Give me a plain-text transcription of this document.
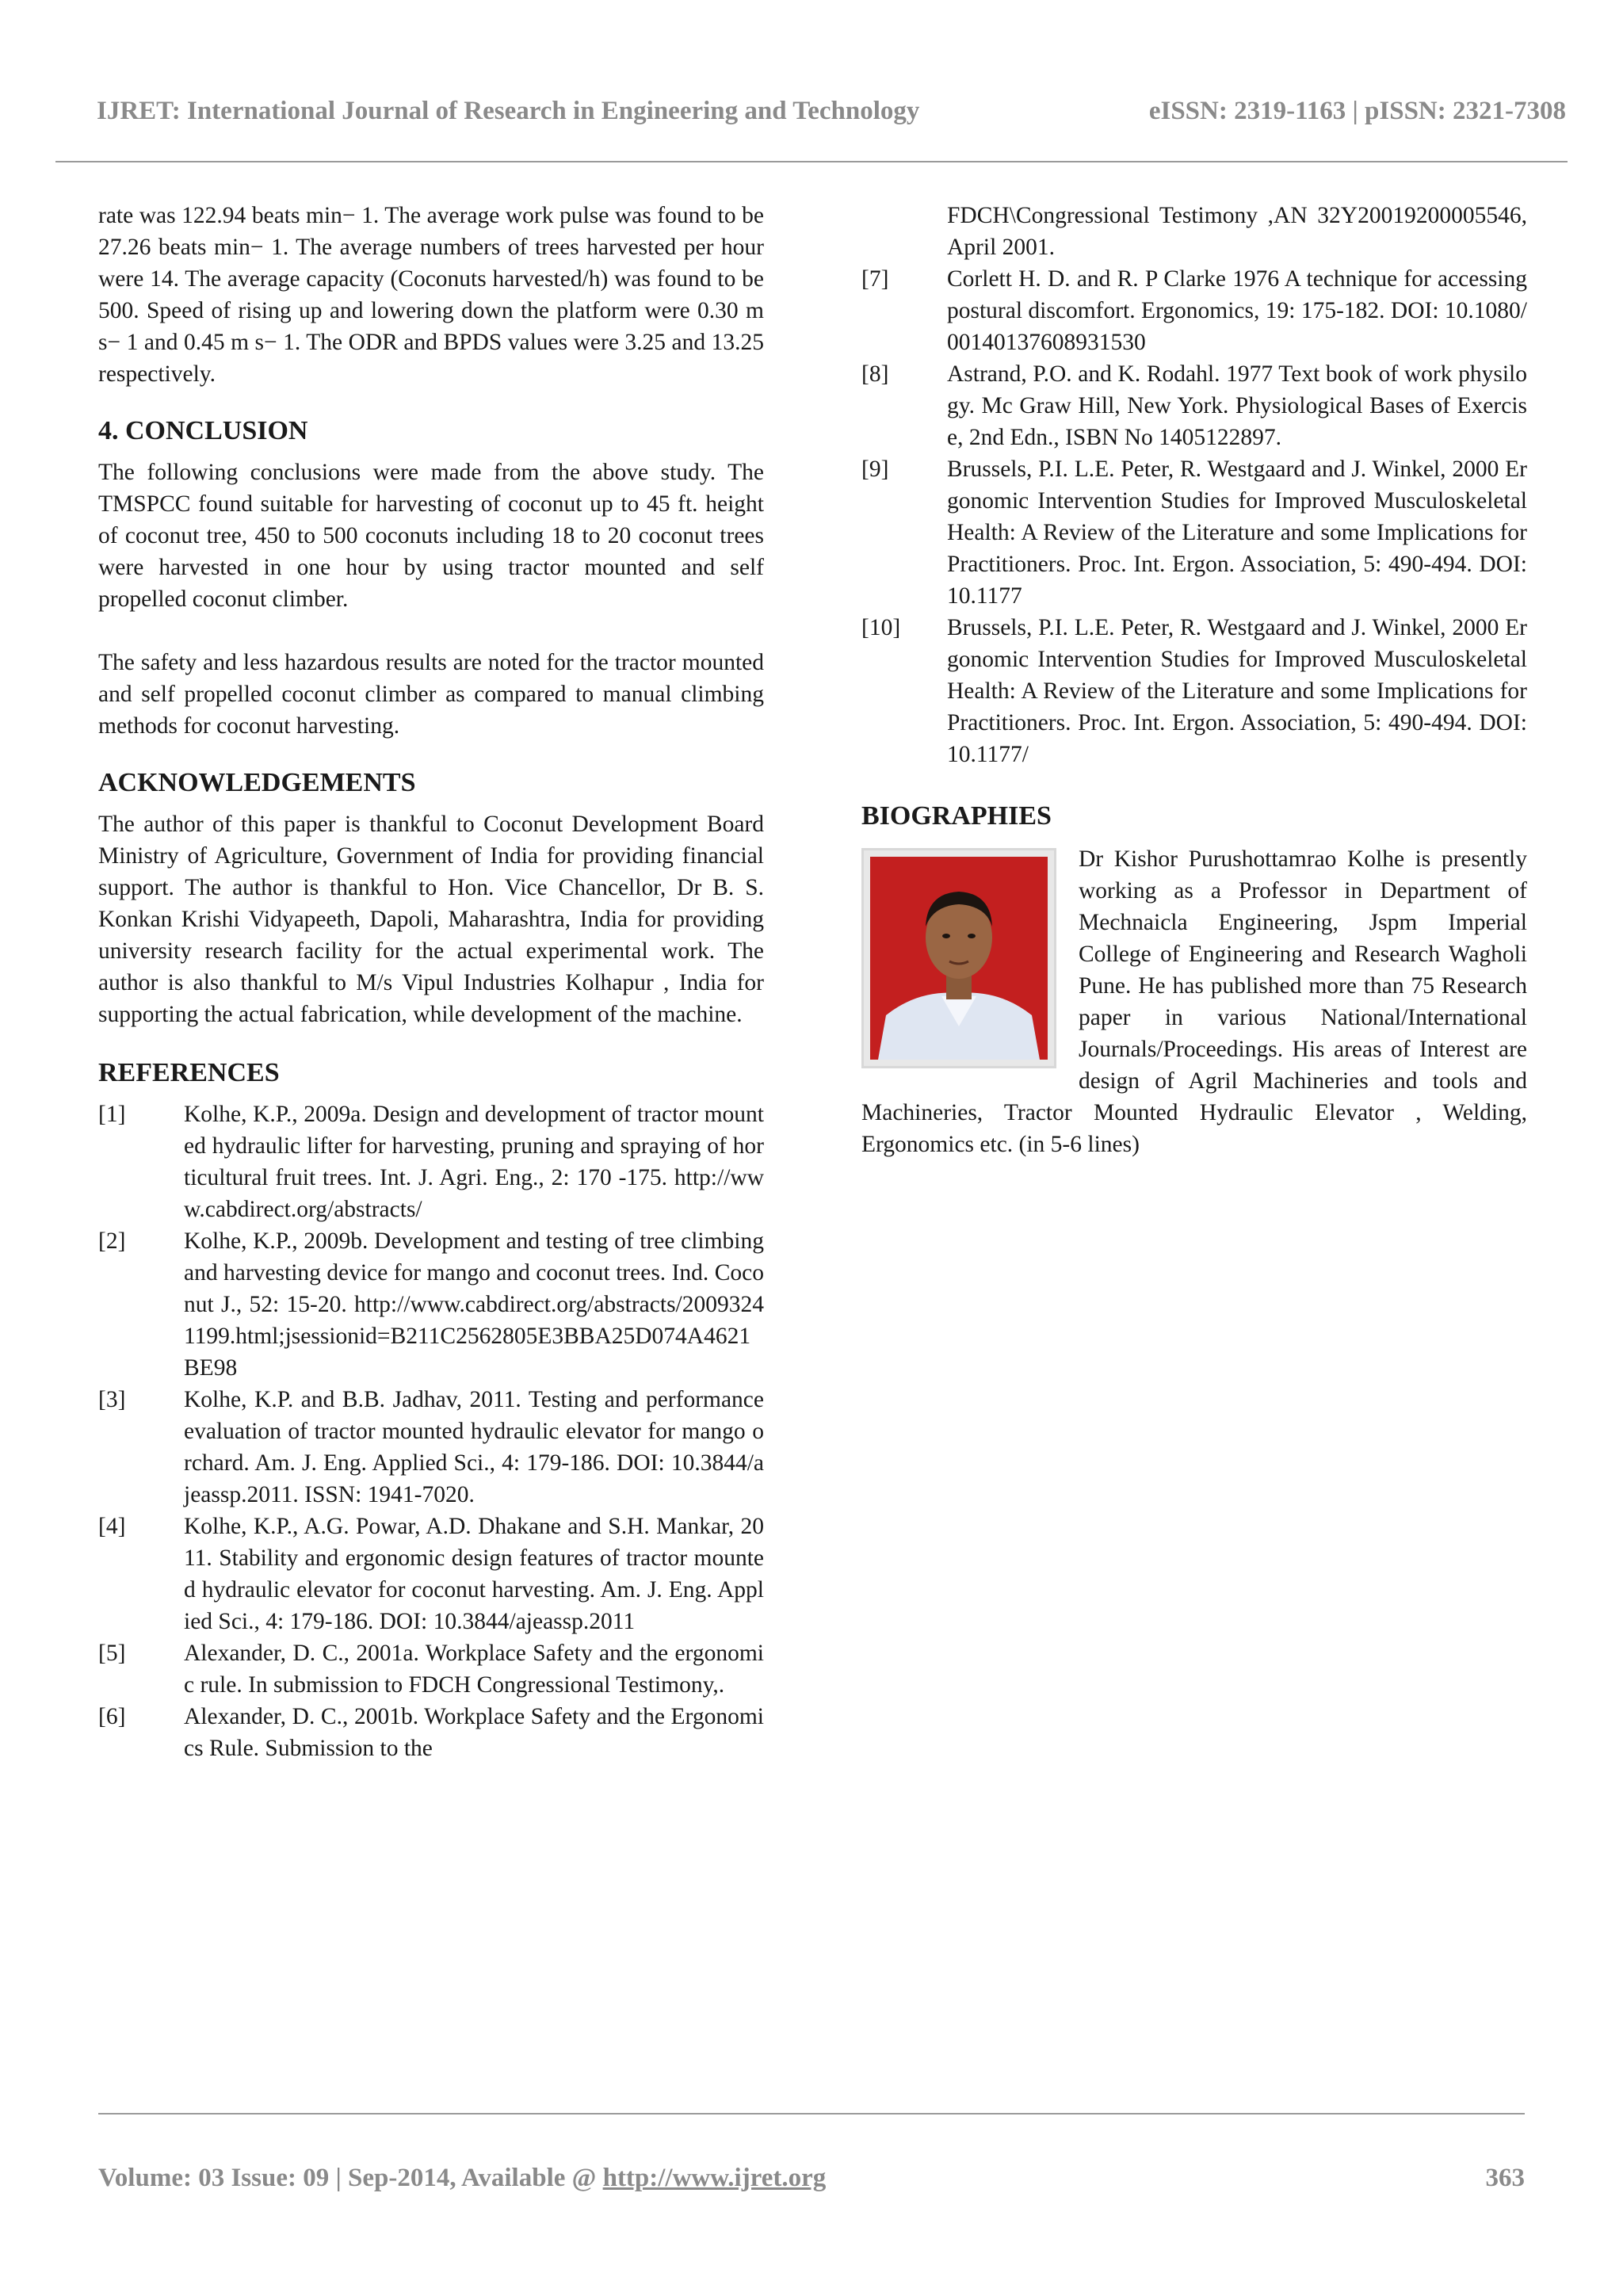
IJRET: International Journal of Research in Engineering and Technology	eISSN: 2319-1163 | pISSN: 2321-7308

rate was 122.94 beats min− 1. The average work pulse was found to be 27.26 beats min− 1. The average numbers of trees harvested per hour were 14. The average capacity (Coconuts harvested/h) was found to be 500. Speed of rising up and lowering down the platform were 0.30 m s− 1 and 0.45 m s− 1. The ODR and BPDS values were 3.25 and 13.25 respectively.

4. CONCLUSION

The following conclusions were made from the above study. The TMSPCC found suitable for harvesting of coconut up to 45 ft. height of coconut tree, 450 to 500 coconuts including 18 to 20 coconut trees were harvested in one hour by using tractor mounted and self propelled coconut climber.

The safety and less hazardous results are noted for the tractor mounted and self propelled coconut climber as compared to manual climbing methods for coconut harvesting.

ACKNOWLEDGEMENTS

The author of this paper is thankful to Coconut Development Board Ministry of Agriculture, Government of India for providing financial support. The author is thankful to Hon. Vice Chancellor, Dr B. S. Konkan Krishi Vidyapeeth, Dapoli, Maharashtra, India for providing university research facility for the actual experimental work. The author is also thankful to M/s Vipul Industries Kolhapur , India for supporting the actual fabrication, while development of the machine.

REFERENCES
[1] Kolhe, K.P., 2009a. Design and development of tractor mounted hydraulic lifter for harvesting, pruning and spraying of horticultural fruit trees. Int. J. Agri. Eng., 2: 170 -175. http://www.cabdirect.org/abstracts/
[2] Kolhe, K.P., 2009b. Development and testing of tree climbing and harvesting device for mango and coconut trees. Ind. Coconut J., 52: 15-20. http://www.cabdirect.org/abstracts/20093241199.html;jsessionid=B211C2562805E3BBA25D074A4621BE98
[3] Kolhe, K.P. and B.B. Jadhav, 2011. Testing and performance evaluation of tractor mounted hydraulic elevator for mango orchard. Am. J. Eng. Applied Sci., 4: 179-186. DOI: 10.3844/ajeassp.2011. ISSN: 1941-7020.
[4] Kolhe, K.P., A.G. Powar, A.D. Dhakane and S.H. Mankar, 2011. Stability and ergonomic design features of tractor mounted hydraulic elevator for coconut harvesting. Am. J. Eng. Applied Sci., 4: 179-186. DOI: 10.3844/ajeassp.2011
[5] Alexander, D. C., 2001a. Workplace Safety and the ergonomic rule. In submission to FDCH Congressional Testimony,.
[6] Alexander, D. C., 2001b. Workplace Safety and the Ergonomics Rule. Submission to the
FDCH\Congressional Testimony ,AN 32Y20019200005546,April 2001.
[7] Corlett H. D. and R. P Clarke 1976 A technique for accessing postural discomfort. Ergonomics, 19: 175-182. DOI: 10.1080/00140137608931530
[8] Astrand, P.O. and K. Rodahl. 1977 Text book of work physilogy. Mc Graw Hill, New York. Physiological Bases of Exercise, 2nd Edn., ISBN No 1405122897.
[9] Brussels, P.I. L.E. Peter, R. Westgaard and J. Winkel, 2000 Ergonomic Intervention Studies for Improved Musculoskeletal Health: A Review of the Literature and some Implications for Practitioners. Proc. Int. Ergon. Association, 5: 490-494. DOI: 10.1177
[10] Brussels, P.I. L.E. Peter, R. Westgaard and J. Winkel, 2000 Ergonomic Intervention Studies for Improved Musculoskeletal Health: A Review of the Literature and some Implications for Practitioners. Proc. Int. Ergon. Association, 5: 490-494. DOI: 10.1177/
BIOGRAPHIES

Dr Kishor Purushottamrao Kolhe is presently working as a Professor in Department of Mechnaicla Engineering, Jspm Imperial College of Engineering and Research Wagholi Pune. He has published more than 75 Research paper in various National/International Journals/Proceedings. His areas of Interest are design of Agril Machineries and tools and Machineries, Tractor Mounted Hydraulic Elevator , Welding, Ergonomics etc. (in 5-6 lines)

Volume: 03 Issue: 09 | Sep-2014, Available @ http://www.ijret.org	363
